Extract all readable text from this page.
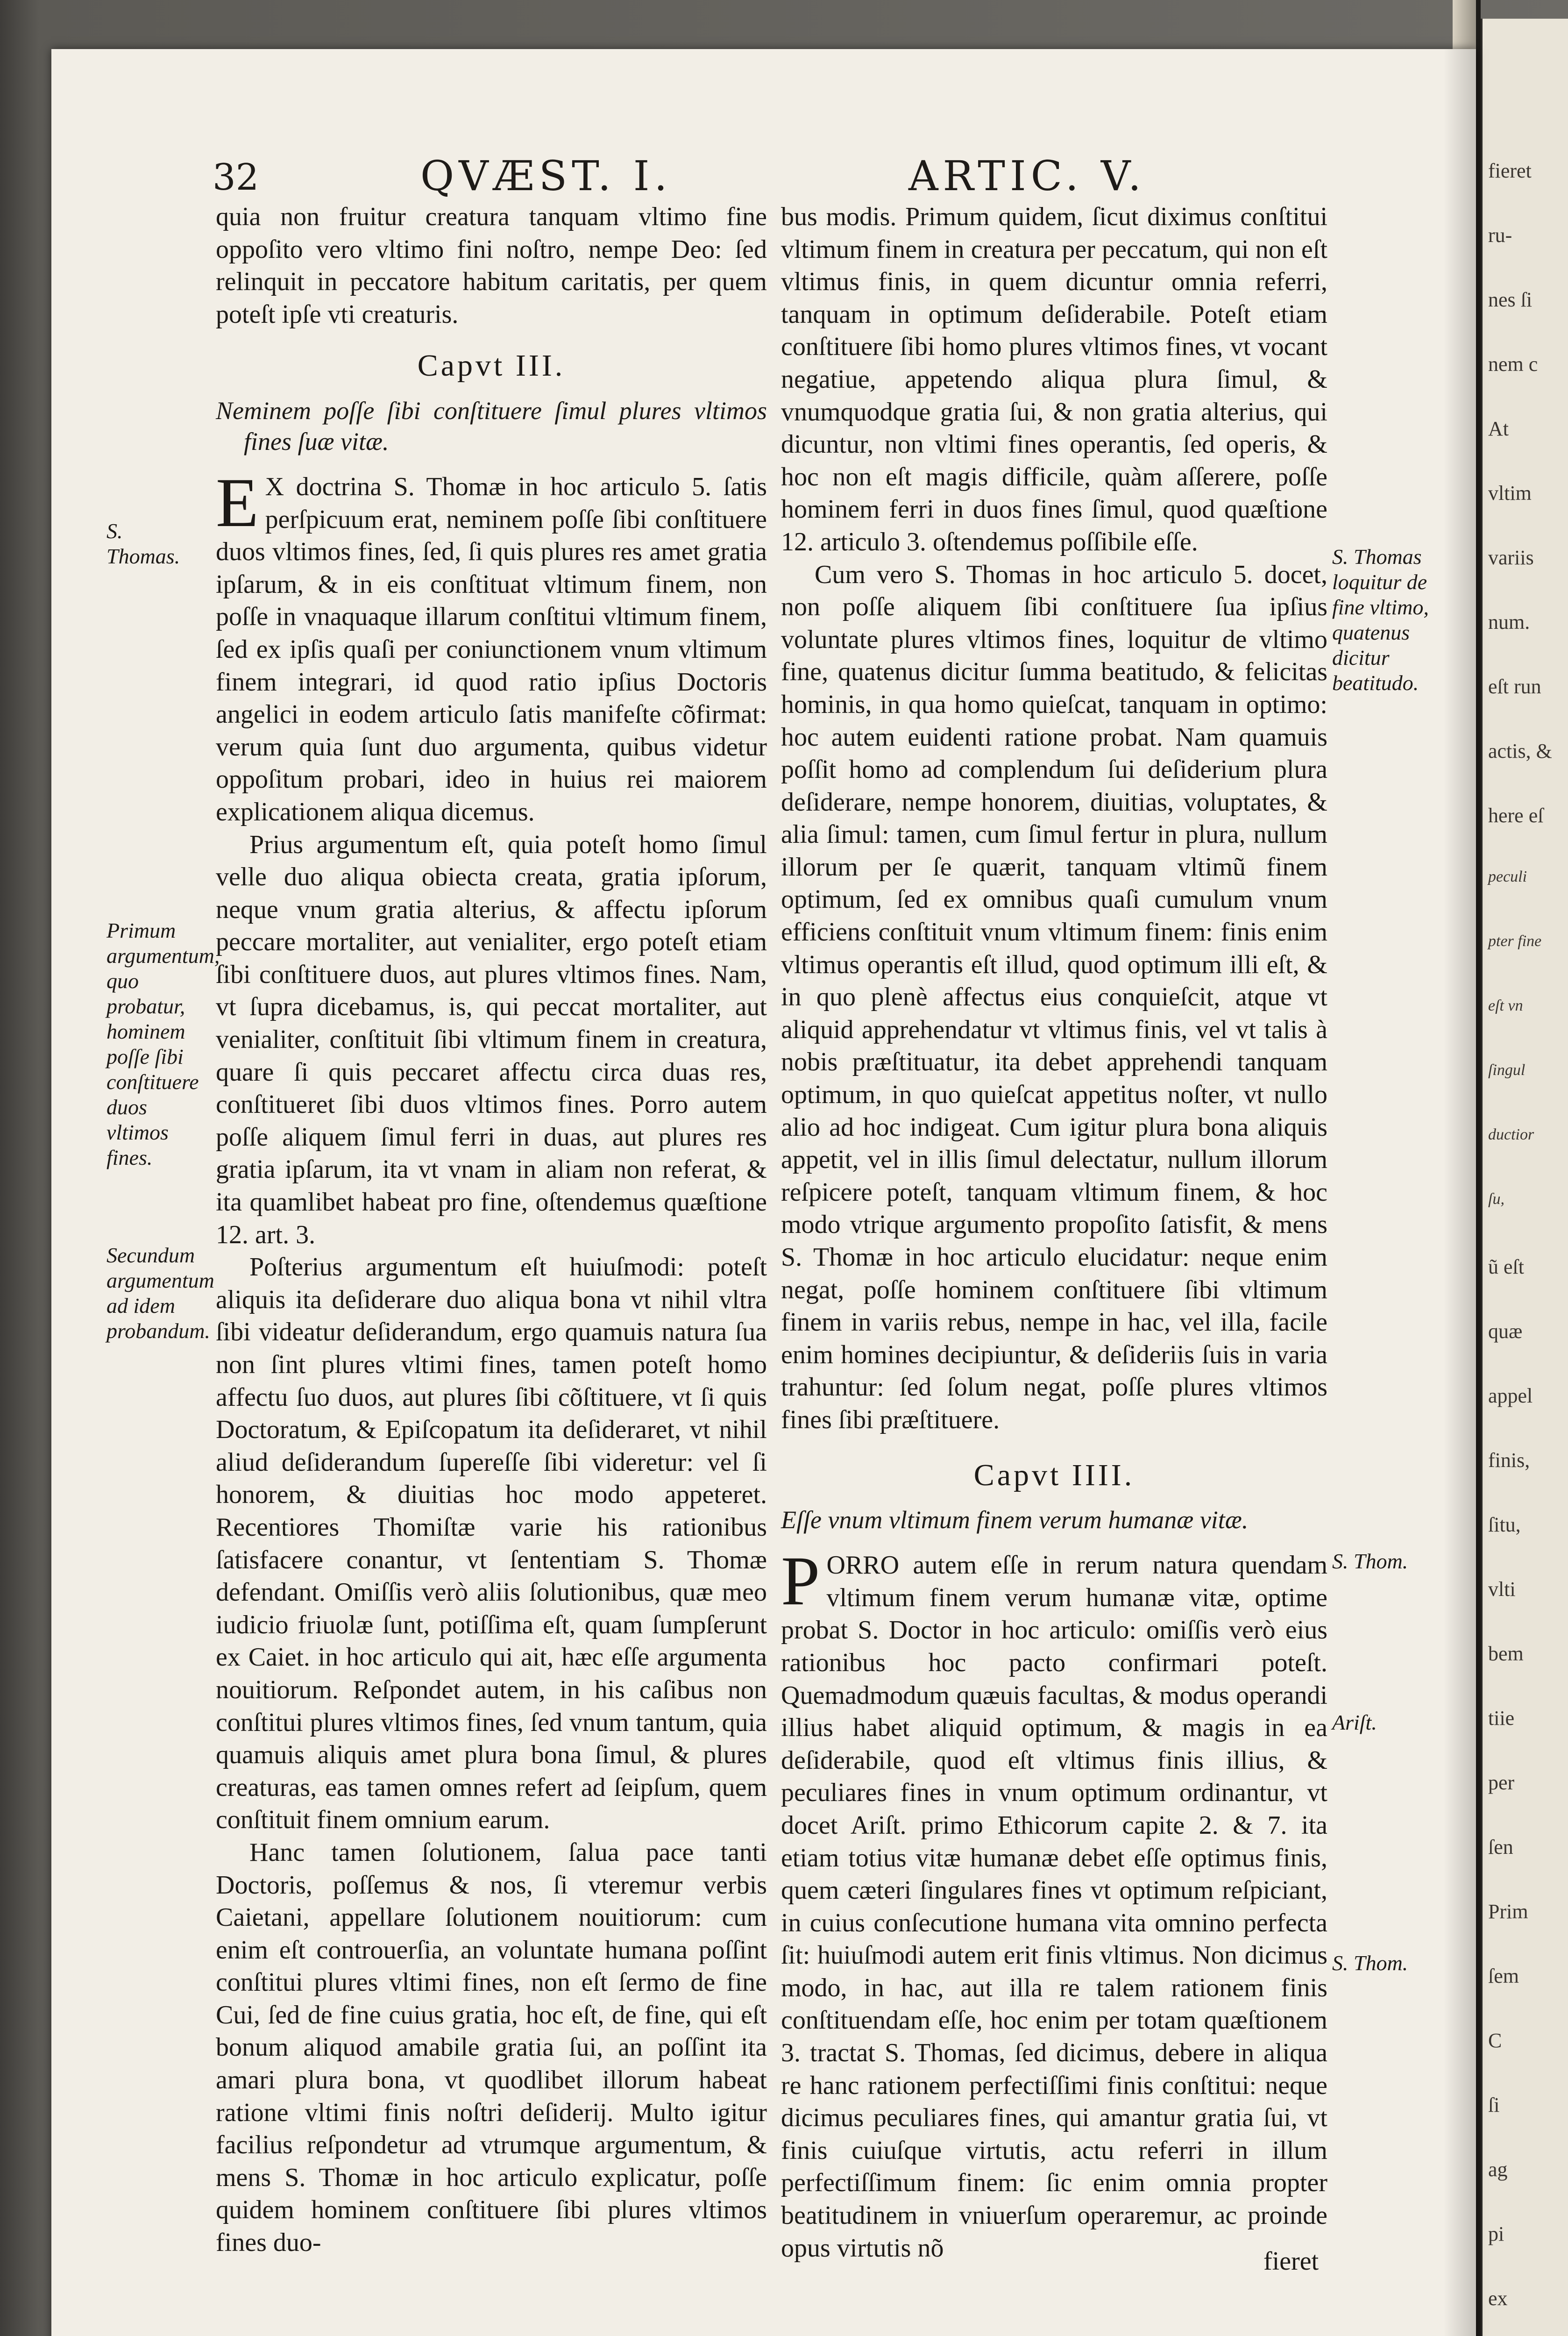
fieret
ru-
nes ſi
nem c
At
vltim
variis
num.
eſt run
actis, &
here eſ
peculi
pter fine
eſt vn
ſingul
ductior
ſu,
ũ eſt
quæ
appel
finis,
ſitu,
vlti
bem
tiie
per
ſen
Prim
ſem
C
ſi
ag
pi
ex
32	QVÆST. I.	ARTIC. V.

quia non fruitur creatura tanquam vltimo fine oppoſito vero vltimo fini noſtro, nempe Deo: ſed relinquit in peccatore habitum caritatis, per quem poteſt ipſe vti creaturis.

Capvt III.
Neminem poſſe ſibi conſtituere ſimul plures vltimos fines ſuæ vitæ.

E X doctrina S. Thomæ in hoc articulo 5. ſatis perſpicuum erat, neminem poſſe ſibi conſtituere duos vltimos fines, ſed, ſi quis plures res amet gratia ipſarum, & in eis conſtituat vltimum finem, non poſſe in vnaquaque illarum conſtitui vltimum finem, ſed ex ipſis quaſi per coniunctionem vnum vltimum finem integrari, id quod ratio ipſius Doctoris angelici in eodem articulo ſatis manifeſte cõfirmat: verum quia ſunt duo argumenta, quibus videtur oppoſitum probari, ideo in huius rei maiorem explicationem aliqua dicemus.

Prius argumentum eſt, quia poteſt homo ſimul velle duo aliqua obiecta creata, gratia ipſorum, neque vnum gratia alterius, & affectu ipſorum peccare mortaliter, aut venialiter, ergo poteſt etiam ſibi conſtituere duos, aut plures vltimos fines. Nam, vt ſupra dicebamus, is, qui peccat mortaliter, aut venialiter, conſtituit ſibi vltimum finem in creatura, quare ſi quis peccaret affectu circa duas res, conſtitueret ſibi duos vltimos fines. Porro autem poſſe aliquem ſimul ferri in duas, aut plures res gratia ipſarum, ita vt vnam in aliam non referat, & ita quamlibet habeat pro fine, oſtendemus quæſtione 12. art. 3.

Poſterius argumentum eſt huiuſmodi: poteſt aliquis ita deſiderare duo aliqua bona vt nihil vltra ſibi videatur deſiderandum, ergo quamuis natura ſua non ſint plures vltimi fines, tamen poteſt homo affectu ſuo duos, aut plures ſibi cõſtituere, vt ſi quis Doctoratum, & Epiſcopatum ita deſideraret, vt nihil aliud deſiderandum ſupereſſe ſibi videretur: vel ſi honorem, & diuitias hoc modo appeteret. Recentiores Thomiſtæ varie his rationibus ſatisfacere conantur, vt ſententiam S. Thomæ defendant. Omiſſis verò aliis ſolutionibus, quæ meo iudicio friuolæ ſunt, potiſſima eſt, quam ſumpſerunt ex Caiet. in hoc articulo qui ait, hæc eſſe argumenta nouitiorum. Reſpondet autem, in his caſibus non conſtitui plures vltimos fines, ſed vnum tantum, quia quamuis aliquis amet plura bona ſimul, & plures creaturas, eas tamen omnes refert ad ſeipſum, quem conſtituit finem omnium earum.

Hanc tamen ſolutionem, ſalua pace tanti Doctoris, poſſemus & nos, ſi vteremur verbis Caietani, appellare ſolutionem nouitiorum: cum enim eſt controuerſia, an voluntate humana poſſint conſtitui plures vltimi fines, non eſt ſermo de fine Cui, ſed de fine cuius gratia, hoc eſt, de fine, qui eſt bonum aliquod amabile gratia ſui, an poſſint ita amari plura bona, vt quodlibet illorum habeat ratione vltimi finis noſtri deſiderij. Multo igitur facilius reſpondetur ad vtrumque argumentum, & mens S. Thomæ in hoc articulo explicatur, poſſe quidem hominem conſtituere ſibi plures vltimos fines duo-

bus modis. Primum quidem, ſicut diximus conſtitui vltimum finem in creatura per peccatum, qui non eſt vltimus finis, in quem dicuntur omnia referri, tanquam in optimum deſiderabile. Poteſt etiam conſtituere ſibi homo plures vltimos fines, vt vocant negatiue, appetendo aliqua plura ſimul, & vnumquodque gratia ſui, & non gratia alterius, qui dicuntur, non vltimi fines operantis, ſed operis, & hoc non eſt magis difficile, quàm aſſerere, poſſe hominem ferri in duos fines ſimul, quod quæſtione 12. articulo 3. oſtendemus poſſibile eſſe.

Cum vero S. Thomas in hoc articulo 5. docet, non poſſe aliquem ſibi conſtituere ſua ipſius voluntate plures vltimos fines, loquitur de vltimo fine, quatenus dicitur ſumma beatitudo, & felicitas hominis, in qua homo quieſcat, tanquam in optimo: hoc autem euidenti ratione probat. Nam quamuis poſſit homo ad complendum ſui deſiderium plura deſiderare, nempe honorem, diuitias, voluptates, & alia ſimul: tamen, cum ſimul fertur in plura, nullum illorum per ſe quærit, tanquam vltimũ finem optimum, ſed ex omnibus quaſi cumulum vnum efficiens conſtituit vnum vltimum finem: finis enim vltimus operantis eſt illud, quod optimum illi eſt, & in quo plenè affectus eius conquieſcit, atque vt aliquid apprehendatur vt vltimus finis, vel vt talis à nobis præſtituatur, ita debet apprehendi tanquam optimum, in quo quieſcat appetitus noſter, vt nullo alio ad hoc indigeat. Cum igitur plura bona aliquis appetit, vel in illis ſimul delectatur, nullum illorum reſpicere poteſt, tanquam vltimum finem, & hoc modo vtrique argumento propoſito ſatisfit, & mens S. Thomæ in hoc articulo elucidatur: neque enim negat, poſſe hominem conſtituere ſibi vltimum finem in variis rebus, nempe in hac, vel illa, facile enim homines decipiuntur, & deſideriis ſuis in varia trahuntur: ſed ſolum negat, poſſe plures vltimos fines ſibi præſtituere.

Capvt IIII.
Eſſe vnum vltimum finem verum humanæ vitæ.

PORRO autem eſſe in rerum natura quendam vltimum finem verum humanæ vitæ, optime probat S. Doctor in hoc articulo: omiſſis verò eius rationibus hoc pacto confirmari poteſt. Quemadmodum quæuis facultas, & modus operandi illius habet aliquid optimum, & magis in ea deſiderabile, quod eſt vltimus finis illius, & peculiares fines in vnum optimum ordinantur, vt docet Ariſt. primo Ethicorum capite 2. & 7. ita etiam totius vitæ humanæ debet eſſe optimus finis, quem cæteri ſingulares fines vt optimum reſpiciant, in cuius conſecutione humana vita omnino perfecta ſit: huiuſmodi autem erit finis vltimus. Non dicimus modo, in hac, aut illa re talem rationem finis conſtituendam eſſe, hoc enim per totam quæſtionem 3. tractat S. Thomas, ſed dicimus, debere in aliqua re hanc rationem perfectiſſimi finis conſtitui: neque dicimus peculiares fines, qui amantur gratia ſui, vt finis cuiuſque virtutis, actu referri in illum perfectiſſimum finem: ſic enim omnia propter beatitudinem in vniuerſum operaremur, ac proinde opus virtutis nõ	fieret
S. Thomas.
Primum argumentum, quo probatur, hominem poſſe ſibi conſtituere duos vltimos fines.
Secundum argumentum ad idem probandum.
S. Thomas loquitur de fine vltimo, quatenus dicitur beatitudo.
S. Thom.
Ariſt.
S. Thom.
